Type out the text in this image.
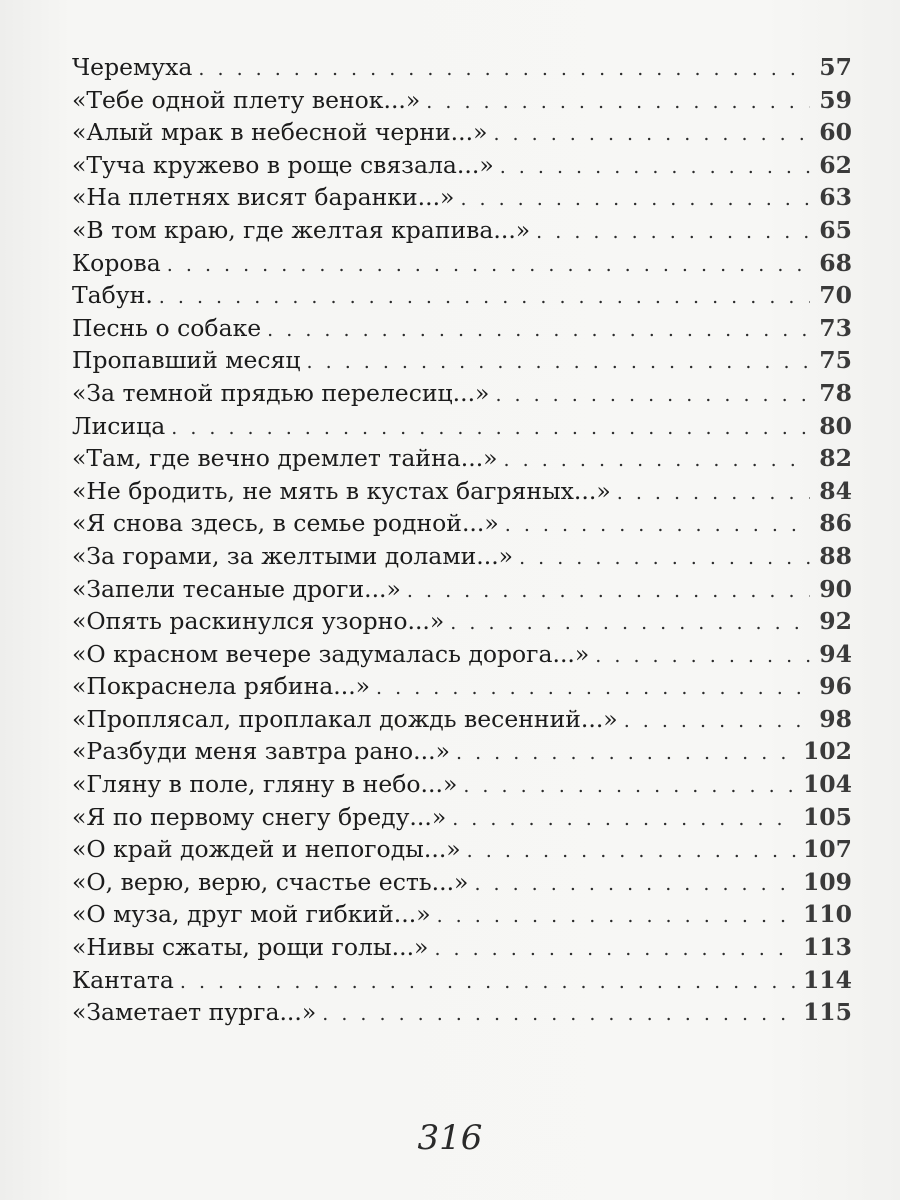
Черемуха . . .	57
«Тебе одной плету венок...» . . .	59
«Алый мрак в небесной черни...» . . .	60
«Туча кружево в роще связала...» . . .	62
«На плетнях висят баранки...» . . .	63
«В том краю, где желтая крапива...» . . .	65
Корова . . .	68
Табун. . . .	70
Песнь о собаке . . .	73
Пропавший месяц . . .	75
«За темной прядью перелесиц...» . . .	78
Лисица . . .	80
«Там, где вечно дремлет тайна...» . . .	82
«Не бродить, не мять в кустах багряных...» . . .	84
«Я снова здесь, в семье родной...» . . .	86
«За горами, за желтыми долами...» . . .	88
«Запели тесаные дроги...» . . .	90
«Опять раскинулся узорно...» . . .	92
«О красном вечере задумалась дорога...» . . .	94
«Покраснела рябина...» . . .	96
«Проплясал, проплакал дождь весенний...» . . .	98
«Разбуди меня завтра рано...» . . .	102
«Гляну в поле, гляну в небо...» . . .	104
«Я по первому снегу бреду...» . . .	105
«О край дождей и непогоды...» . . .	107
«О, верю, верю, счастье есть...» . . .	109
«О муза, друг мой гибкий...» . . .	110
«Нивы сжаты, рощи голы...» . . .	113
Кантата . . .	114
«Заметает пурга...» . . .	115
316
